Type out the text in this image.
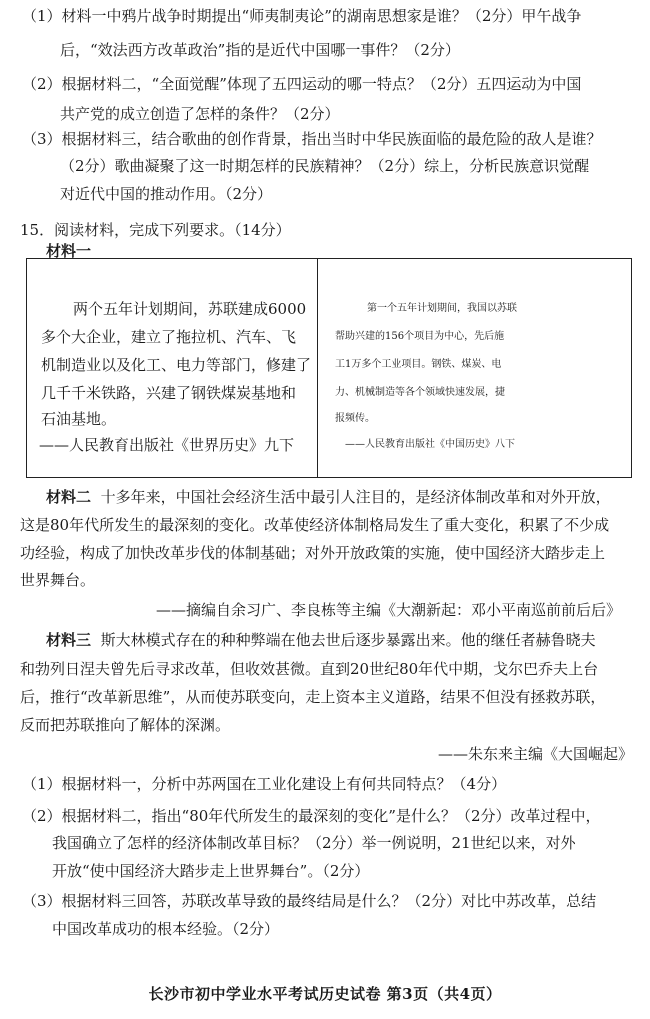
（1）材料一中鸦片战争时期提出“师夷制夷论”的湖南思想家是谁？（2分）甲午战争
后，“效法西方改革政治”指的是近代中国哪一事件？（2分）
（2）根据材料二，“全面觉醒”体现了五四运动的哪一特点？（2分）五四运动为中国
共产党的成立创造了怎样的条件？（2分）
（3）根据材料三，结合歌曲的创作背景，指出当时中华民族面临的最危险的敌人是谁？
（2分）歌曲凝聚了这一时期怎样的民族精神？（2分）综上，分析民族意识觉醒
对近代中国的推动作用。（2分）
15．阅读材料，完成下列要求。（14分）
材料一
两个五年计划期间，苏联建成6000
多个大企业，建立了拖拉机、汽车、飞
机制造业以及化工、电力等部门，修建了
几千千米铁路，兴建了钢铁煤炭基地和
石油基地。
——人民教育出版社《世界历史》九下
第一个五年计划期间，我国以苏联
帮助兴建的156个项目为中心，先后施
工1万多个工业项目。钢铁、煤炭、电
力、机械制造等各个领域快速发展，捷
报频传。
——人民教育出版社《中国历史》八下
材料二 十多年来，中国社会经济生活中最引人注目的，是经济体制改革和对外开放，
这是80年代所发生的最深刻的变化。改革使经济体制格局发生了重大变化，积累了不少成
功经验，构成了加快改革步伐的体制基础；对外开放政策的实施，使中国经济大踏步走上
世界舞台。
——摘编自余习广、李良栋等主编《大潮新起：邓小平南巡前前后后》
材料三 斯大林模式存在的种种弊端在他去世后逐步暴露出来。他的继任者赫鲁晓夫
和勃列日涅夫曾先后寻求改革，但收效甚微。直到20世纪80年代中期，戈尔巴乔夫上台
后，推行“改革新思维”，从而使苏联变向，走上资本主义道路，结果不但没有拯救苏联，
反而把苏联推向了解体的深渊。
——朱东来主编《大国崛起》
（1）根据材料一，分析中苏两国在工业化建设上有何共同特点？（4分）
（2）根据材料二，指出“80年代所发生的最深刻的变化”是什么？（2分）改革过程中，
我国确立了怎样的经济体制改革目标？（2分）举一例说明，21世纪以来，对外
开放“使中国经济大踏步走上世界舞台”。（2分）
（3）根据材料三回答，苏联改革导致的最终结局是什么？（2分）对比中苏改革，总结
中国改革成功的根本经验。（2分）
长沙市初中学业水平考试历史试卷 第3页（共4页）
